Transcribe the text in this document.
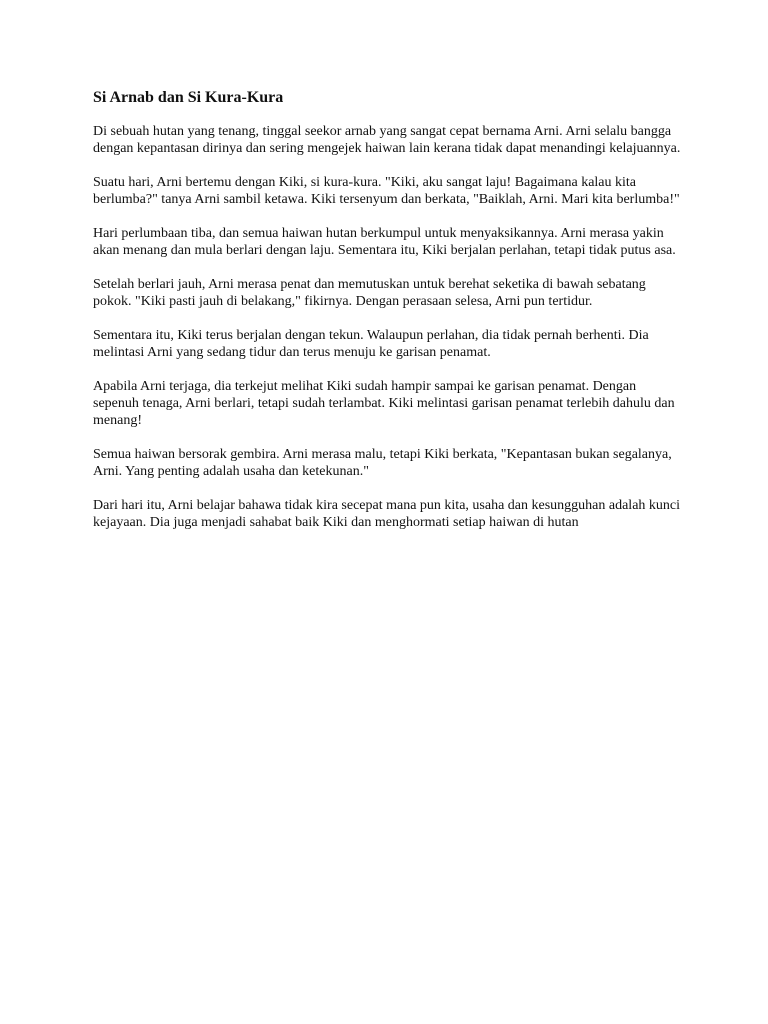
Si Arnab dan Si Kura-Kura

Di sebuah hutan yang tenang, tinggal seekor arnab yang sangat cepat bernama Arni. Arni selalu bangga dengan kepantasan dirinya dan sering mengejek haiwan lain kerana tidak dapat menandingi kelajuannya.

Suatu hari, Arni bertemu dengan Kiki, si kura-kura. "Kiki, aku sangat laju! Bagaimana kalau kita berlumba?" tanya Arni sambil ketawa. Kiki tersenyum dan berkata, "Baiklah, Arni. Mari kita berlumba!"

Hari perlumbaan tiba, dan semua haiwan hutan berkumpul untuk menyaksikannya. Arni merasa yakin akan menang dan mula berlari dengan laju. Sementara itu, Kiki berjalan perlahan, tetapi tidak putus asa.

Setelah berlari jauh, Arni merasa penat dan memutuskan untuk berehat seketika di bawah sebatang pokok. "Kiki pasti jauh di belakang," fikirnya. Dengan perasaan selesa, Arni pun tertidur.

Sementara itu, Kiki terus berjalan dengan tekun. Walaupun perlahan, dia tidak pernah berhenti. Dia melintasi Arni yang sedang tidur dan terus menuju ke garisan penamat.

Apabila Arni terjaga, dia terkejut melihat Kiki sudah hampir sampai ke garisan penamat. Dengan sepenuh tenaga, Arni berlari, tetapi sudah terlambat. Kiki melintasi garisan penamat terlebih dahulu dan menang!

Semua haiwan bersorak gembira. Arni merasa malu, tetapi Kiki berkata, "Kepantasan bukan segalanya, Arni. Yang penting adalah usaha dan ketekunan."

Dari hari itu, Arni belajar bahawa tidak kira secepat mana pun kita, usaha dan kesungguhan adalah kunci kejayaan. Dia juga menjadi sahabat baik Kiki dan menghormati setiap haiwan di hutan
